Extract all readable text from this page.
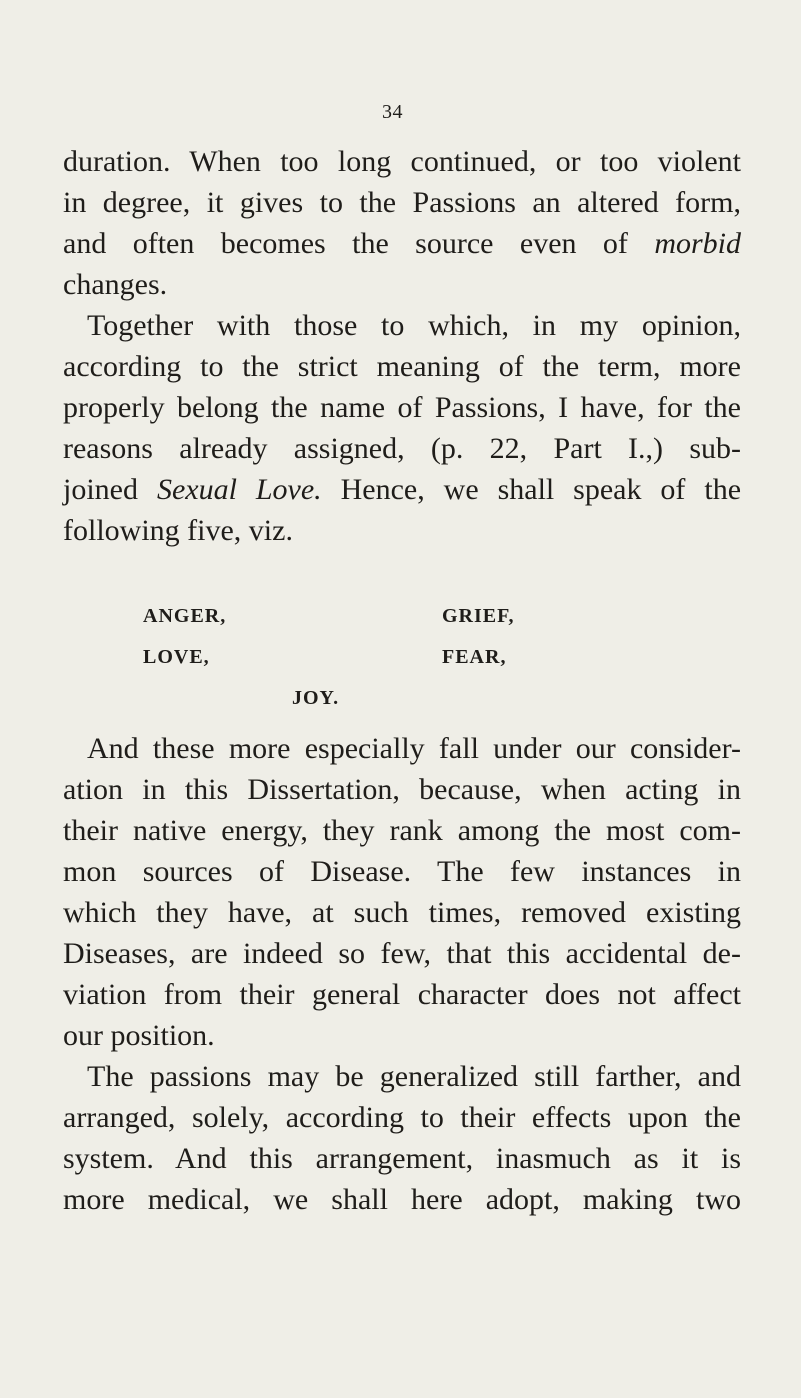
34
duration. When too long continued, or too violent
in degree, it gives to the Passions an altered form,
and often becomes the source even of morbid
changes.
Together with those to which, in my opinion,
according to the strict meaning of the term, more
properly belong the name of Passions, I have, for the
reasons already assigned, (p. 22, Part I.,) sub-
joined Sexual Love. Hence, we shall speak of the
following five, viz.
ANGER,	GRIEF,
LOVE,	FEAR,
JOY.
And these more especially fall under our consider-
ation in this Dissertation, because, when acting in
their native energy, they rank among the most com-
mon sources of Disease. The few instances in
which they have, at such times, removed existing
Diseases, are indeed so few, that this accidental de-
viation from their general character does not affect
our position.
The passions may be generalized still farther, and
arranged, solely, according to their effects upon the
system. And this arrangement, inasmuch as it is
more medical, we shall here adopt, making two
